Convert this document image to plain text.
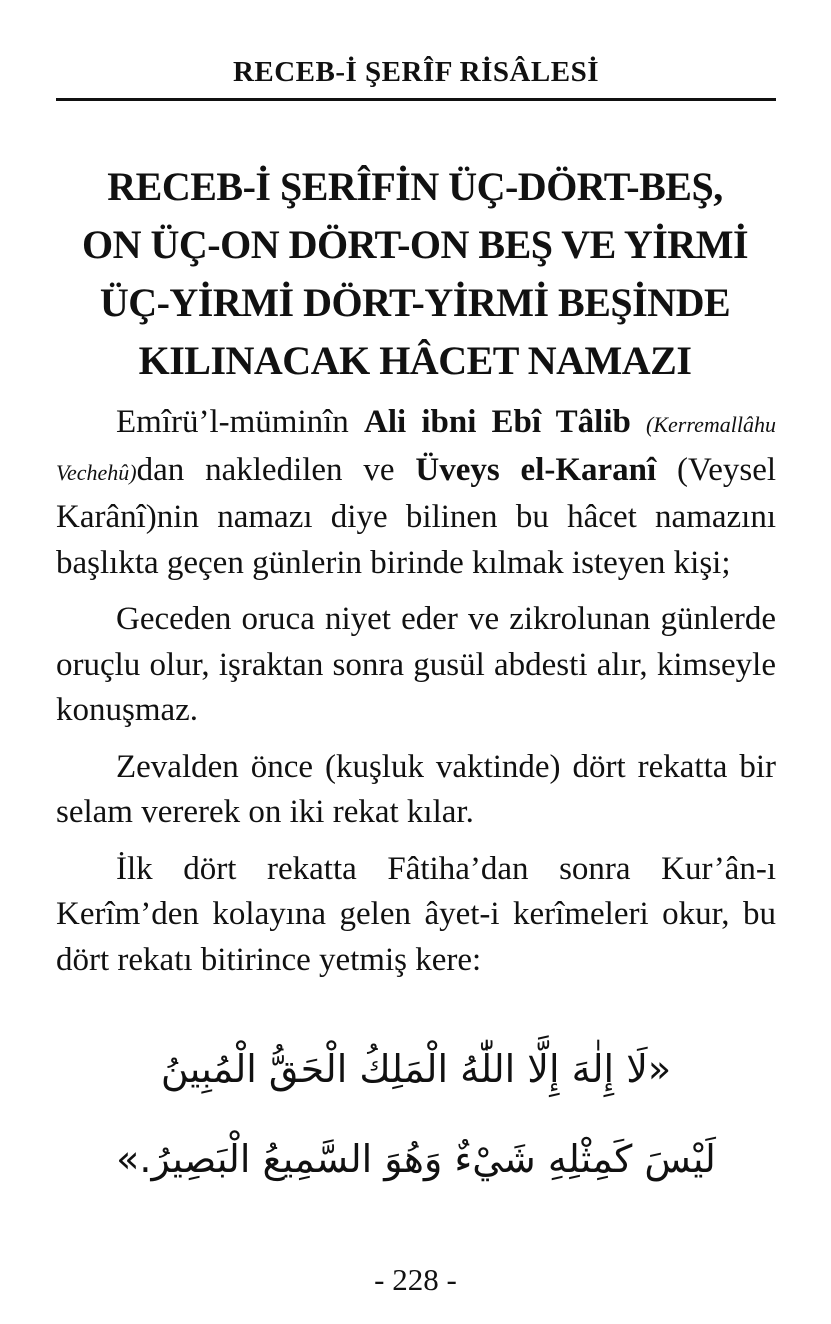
RECEB-İ ŞERÎF RİSÂLESİ
RECEB-İ ŞERÎFİN ÜÇ-DÖRT-BEŞ,
ON ÜÇ-ON DÖRT-ON BEŞ VE YİRMİ
ÜÇ-YİRMİ DÖRT-YİRMİ BEŞİNDE
KILINACAK HÂCET NAMAZI

Emîrü’l-müminîn Ali ibni Ebî Tâlib (Kerremallâhu Vechehû)dan nakledilen ve Üveys el-Karanî (Veysel Karânî)nin namazı diye bilinen bu hâcet namazını başlıkta geçen günlerin birinde kılmak isteyen kişi;

Geceden oruca niyet eder ve zikrolunan günlerde oruçlu olur, işraktan sonra gusül abdesti alır, kimseyle konuşmaz.

Zevalden önce (kuşluk vaktinde) dört rekatta bir selam vererek on iki rekat kılar.

İlk dört rekatta Fâtiha’dan sonra Kur’ân-ı Kerîm’den kolayına gelen âyet-i kerîmeleri okur, bu dört rekatı bitirince yetmiş kere:

«لَا إِلٰهَ إِلَّا اللّٰهُ الْمَلِكُ الْحَقُّ الْمُبِينُ
لَيْسَ كَمِثْلِهِ شَيْءٌ وَهُوَ السَّمِيعُ الْبَصِيرُ.»
- 228 -
